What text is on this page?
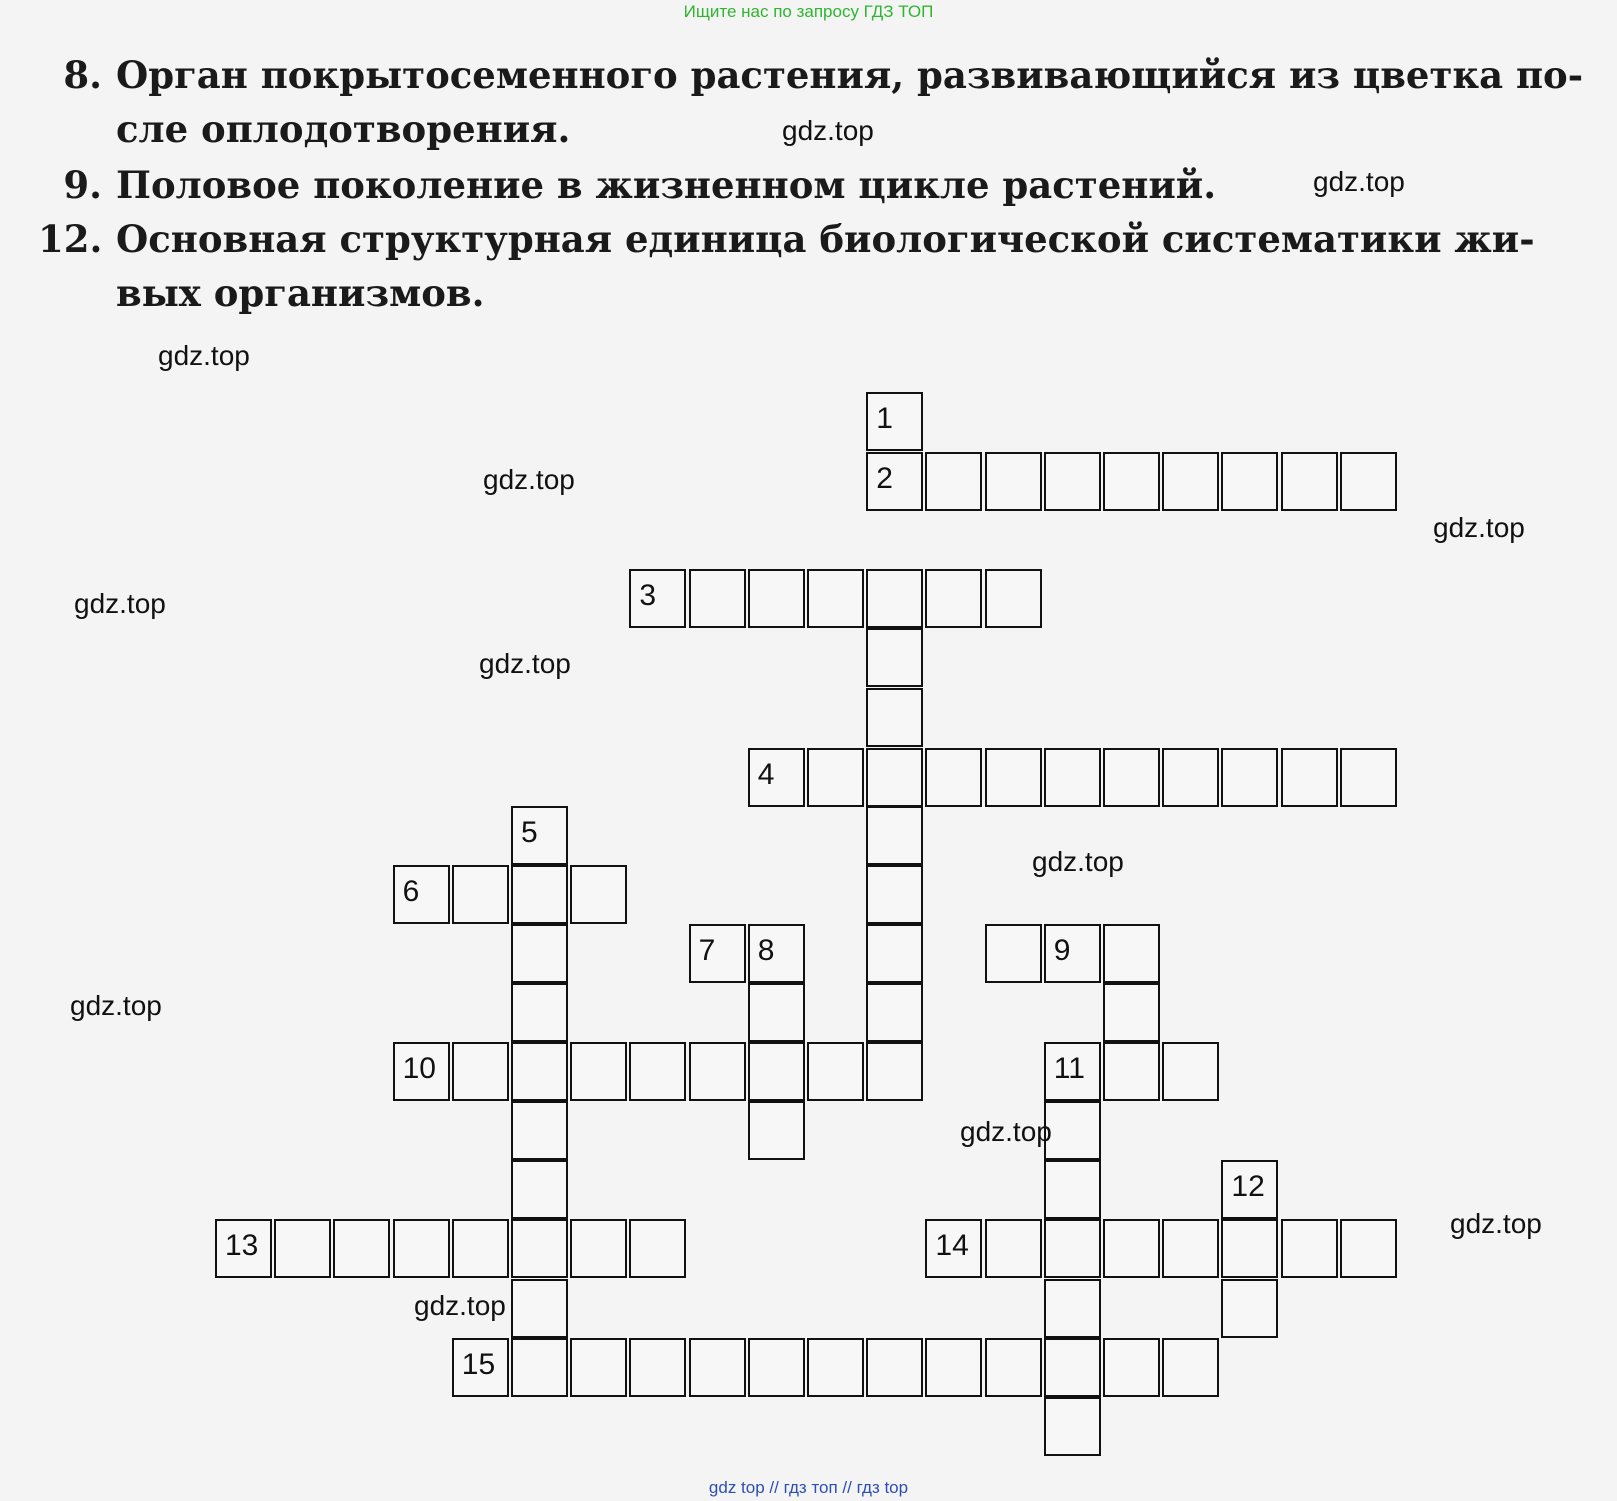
Ищите нас по запросу ГДЗ ТОП
8. Орган покрытосеменного растения, развивающийся из цветка по-
сле оплодотворения.
9. Половое поколение в жизненном цикле растений.
12. Основная структурная единица биологической систематики жи-
вых организмов.
1
2
3
4
5
6
7 8	9
10	11
12
13	14
15
gdz.top
gdz.top
gdz.top
gdz.top
gdz.top
gdz.top
gdz.top
gdz.top
gdz.top
gdz.top
gdz.top
gdz.top
gdz top // гдз топ // гдз top
